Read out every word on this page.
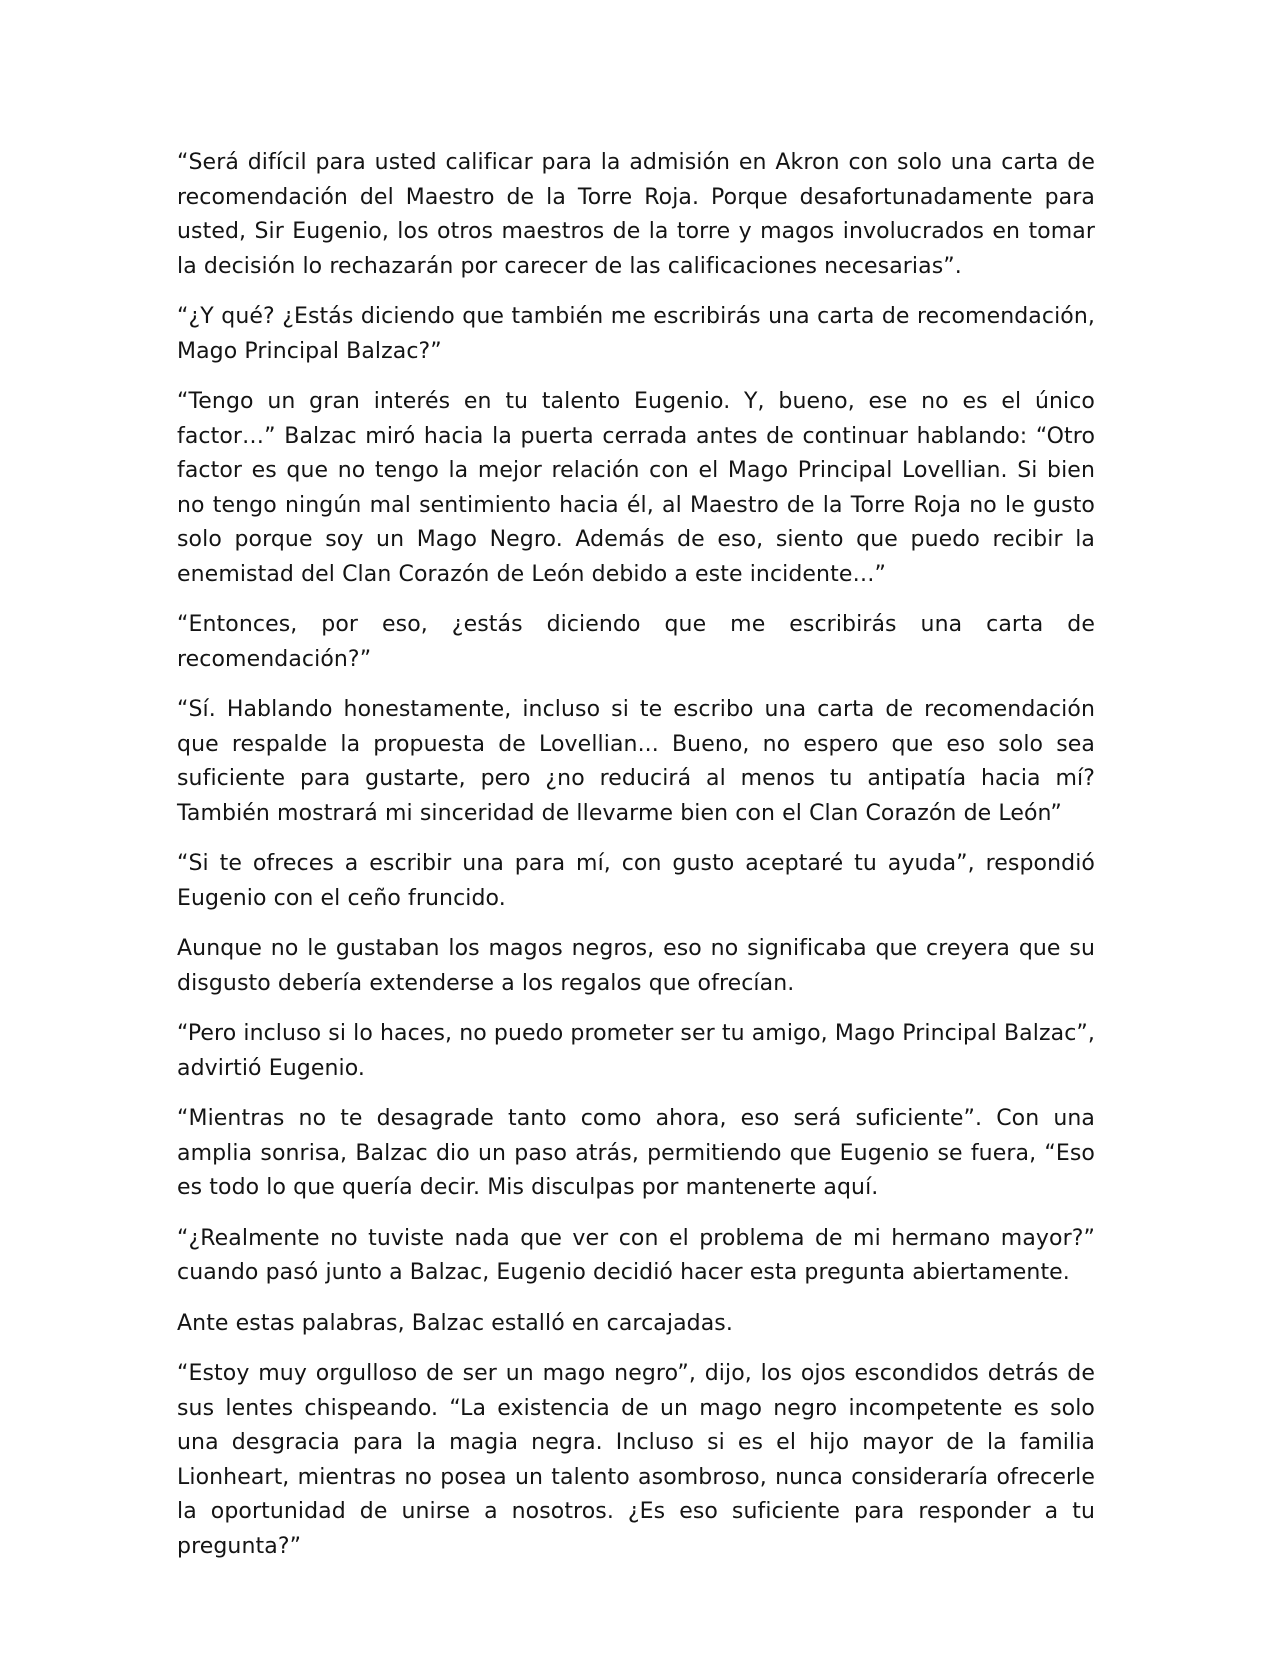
“Será difícil para usted calificar para la admisión en Akron con solo una carta de recomendación del Maestro de la Torre Roja. Porque desafortunadamente para usted, Sir Eugenio, los otros maestros de la torre y magos involucrados en tomar la decisión lo rechazarán por carecer de las calificaciones necesarias”.

“¿Y qué? ¿Estás diciendo que también me escribirás una carta de recomendación, Mago Principal Balzac?”

“Tengo un gran interés en tu talento Eugenio. Y, bueno, ese no es el único factor…” Balzac miró hacia la puerta cerrada antes de continuar hablando: “Otro factor es que no tengo la mejor relación con el Mago Principal Lovellian. Si bien no tengo ningún mal sentimiento hacia él, al Maestro de la Torre Roja no le gusto solo porque soy un Mago Negro. Además de eso, siento que puedo recibir la enemistad del Clan Corazón de León debido a este incidente…”

“Entonces, por eso, ¿estás diciendo que me escribirás una carta de recomendación?”

“Sí. Hablando honestamente, incluso si te escribo una carta de recomendación que respalde la propuesta de Lovellian... Bueno, no espero que eso solo sea suficiente para gustarte, pero ¿no reducirá al menos tu antipatía hacia mí? También mostrará mi sinceridad de llevarme bien con el Clan Corazón de León”

“Si te ofreces a escribir una para mí, con gusto aceptaré tu ayuda”, respondió Eugenio con el ceño fruncido.

Aunque no le gustaban los magos negros, eso no significaba que creyera que su disgusto debería extenderse a los regalos que ofrecían.

“Pero incluso si lo haces, no puedo prometer ser tu amigo, Mago Principal Balzac”, advirtió Eugenio.

“Mientras no te desagrade tanto como ahora, eso será suficiente”. Con una amplia sonrisa, Balzac dio un paso atrás, permitiendo que Eugenio se fuera, “Eso es todo lo que quería decir. Mis disculpas por mantenerte aquí.

“¿Realmente no tuviste nada que ver con el problema de mi hermano mayor?” cuando pasó junto a Balzac, Eugenio decidió hacer esta pregunta abiertamente.

Ante estas palabras, Balzac estalló en carcajadas.

“Estoy muy orgulloso de ser un mago negro”, dijo, los ojos escondidos detrás de sus lentes chispeando. “La existencia de un mago negro incompetente es solo una desgracia para la magia negra. Incluso si es el hijo mayor de la familia Lionheart, mientras no posea un talento asombroso, nunca consideraría ofrecerle la oportunidad de unirse a nosotros. ¿Es eso suficiente para responder a tu pregunta?”
